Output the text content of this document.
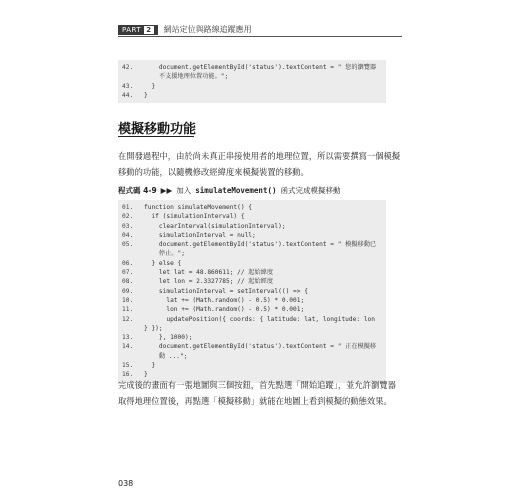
PART 2 網站定位與路線追蹤應用
42.	document.getElementById('status').textContent = " 您的瀏覽器
不支援地理位置功能。";
43.	}
44.	}
模擬移動功能
在開發過程中，由於尚未真正串接使用者的地理位置，所以需要撰寫一個模擬移動的功能，以隨機修改經緯度來模擬裝置的移動。
程式碼 4-9 ▶▶ 加入 simulateMovement() 函式完成模擬移動
01.	function simulateMovement() {
02.	if (simulationInterval) {
03.	clearInterval(simulationInterval);
04.	simulationInterval = null;
05.	document.getElementById('status').textContent = " 模擬移動已
停止。";
06.	} else {
07.	let lat = 48.860611; // 起始緯度
08.	let lon = 2.3327785; // 起始經度
09.	simulationInterval = setInterval(() => {
10.	lat += (Math.random() - 0.5) * 0.001;
11.	lon += (Math.random() - 0.5) * 0.001;
12.	updatePosition({ coords: { latitude: lat, longitude: lon } });
13.	}, 1000);
14.	document.getElementById('status').textContent = " 正在模擬移
動 ...";
15.	}
16.	}
完成後的畫面有一張地圖與三個按鈕，首先點選「開始追蹤」，並允許瀏覽器取得地理位置後，再點選「模擬移動」就能在地圖上看到模擬的動態效果。
038
